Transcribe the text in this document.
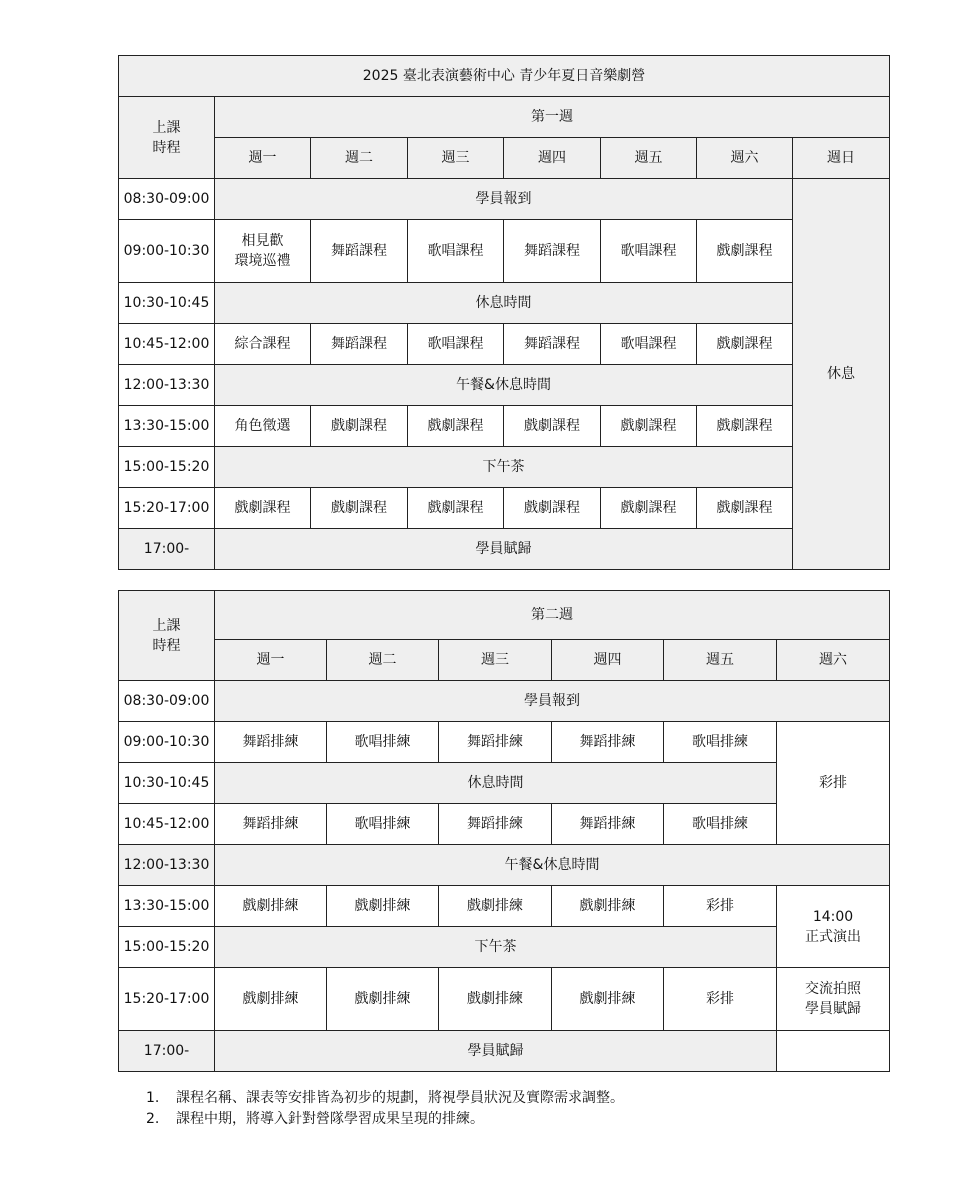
2025 臺北表演藝術中心 青少年夏日音樂劇營							
上課
時程	第一週						
	週一	週二	週三	週四	週五	週六	週日
08:30-09:00	學員報到						休息
09:00-10:30	相見歡
環境巡禮	舞蹈課程	歌唱課程	舞蹈課程	歌唱課程	戲劇課程	
10:30-10:45	休息時間						
10:45-12:00	綜合課程	舞蹈課程	歌唱課程	舞蹈課程	歌唱課程	戲劇課程	
12:00-13:30	午餐&休息時間						
13:30-15:00	角色徵選	戲劇課程	戲劇課程	戲劇課程	戲劇課程	戲劇課程	
15:00-15:20	下午茶						
15:20-17:00	戲劇課程	戲劇課程	戲劇課程	戲劇課程	戲劇課程	戲劇課程	
17:00-	學員賦歸						
上課
時程	第二週					
	週一	週二	週三	週四	週五	週六
08:30-09:00	學員報到					
09:00-10:30	舞蹈排練	歌唱排練	舞蹈排練	舞蹈排練	歌唱排練	彩排
10:30-10:45	休息時間					
10:45-12:00	舞蹈排練	歌唱排練	舞蹈排練	舞蹈排練	歌唱排練	
12:00-13:30	午餐&休息時間					
13:30-15:00	戲劇排練	戲劇排練	戲劇排練	戲劇排練	彩排	14:00
正式演出
15:00-15:20	下午茶					
15:20-17:00	戲劇排練	戲劇排練	戲劇排練	戲劇排練	彩排	交流拍照
學員賦歸
17:00-	學員賦歸					
1.	課程名稱、課表等安排皆為初步的規劃，將視學員狀況及實際需求調整。
2.	課程中期，將導入針對營隊學習成果呈現的排練。
